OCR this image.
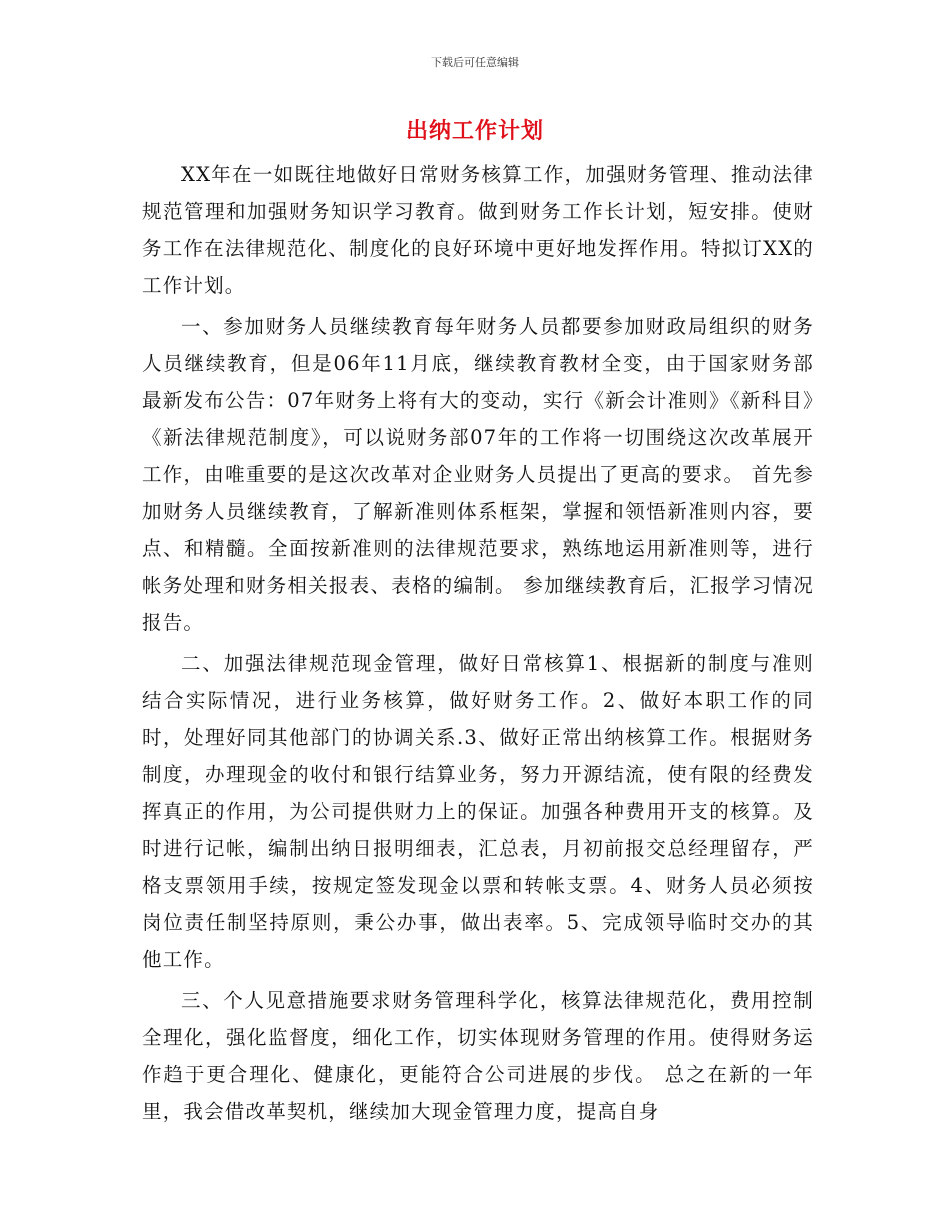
下载后可任意编辑
出纳工作计划

XX年在一如既往地做好日常财务核算工作，加强财务管理、推动法律规范管理和加强财务知识学习教育。做到财务工作长计划，短安排。使财务工作在法律规范化、制度化的良好环境中更好地发挥作用。特拟订XX的工作计划。

一、参加财务人员继续教育每年财务人员都要参加财政局组织的财务人员继续教育，但是06年11月底，继续教育教材全变，由于国家财务部最新发布公告：07年财务上将有大的变动，实行《新会计准则》《新科目》《新法律规范制度》，可以说财务部07年的工作将一切围绕这次改革展开工作，由唯重要的是这次改革对企业财务人员提出了更高的要求。 首先参加财务人员继续教育，了解新准则体系框架，掌握和领悟新准则内容，要点、和精髓。全面按新准则的法律规范要求，熟练地运用新准则等，进行帐务处理和财务相关报表、表格的编制。 参加继续教育后，汇报学习情况报告。

二、加强法律规范现金管理，做好日常核算1、根据新的制度与准则结合实际情况，进行业务核算，做好财务工作。2、做好本职工作的同时，处理好同其他部门的协调关系.3、做好正常出纳核算工作。根据财务制度，办理现金的收付和银行结算业务，努力开源结流，使有限的经费发挥真正的作用，为公司提供财力上的保证。加强各种费用开支的核算。及时进行记帐，编制出纳日报明细表，汇总表，月初前报交总经理留存，严格支票领用手续，按规定签发现金以票和转帐支票。4、财务人员必须按岗位责任制坚持原则，秉公办事，做出表率。5、完成领导临时交办的其他工作。

三、个人见意措施要求财务管理科学化，核算法律规范化，费用控制全理化，强化监督度，细化工作，切实体现财务管理的作用。使得财务运作趋于更合理化、健康化，更能符合公司进展的步伐。 总之在新的一年里，我会借改革契机，继续加大现金管理力度，提高自身
